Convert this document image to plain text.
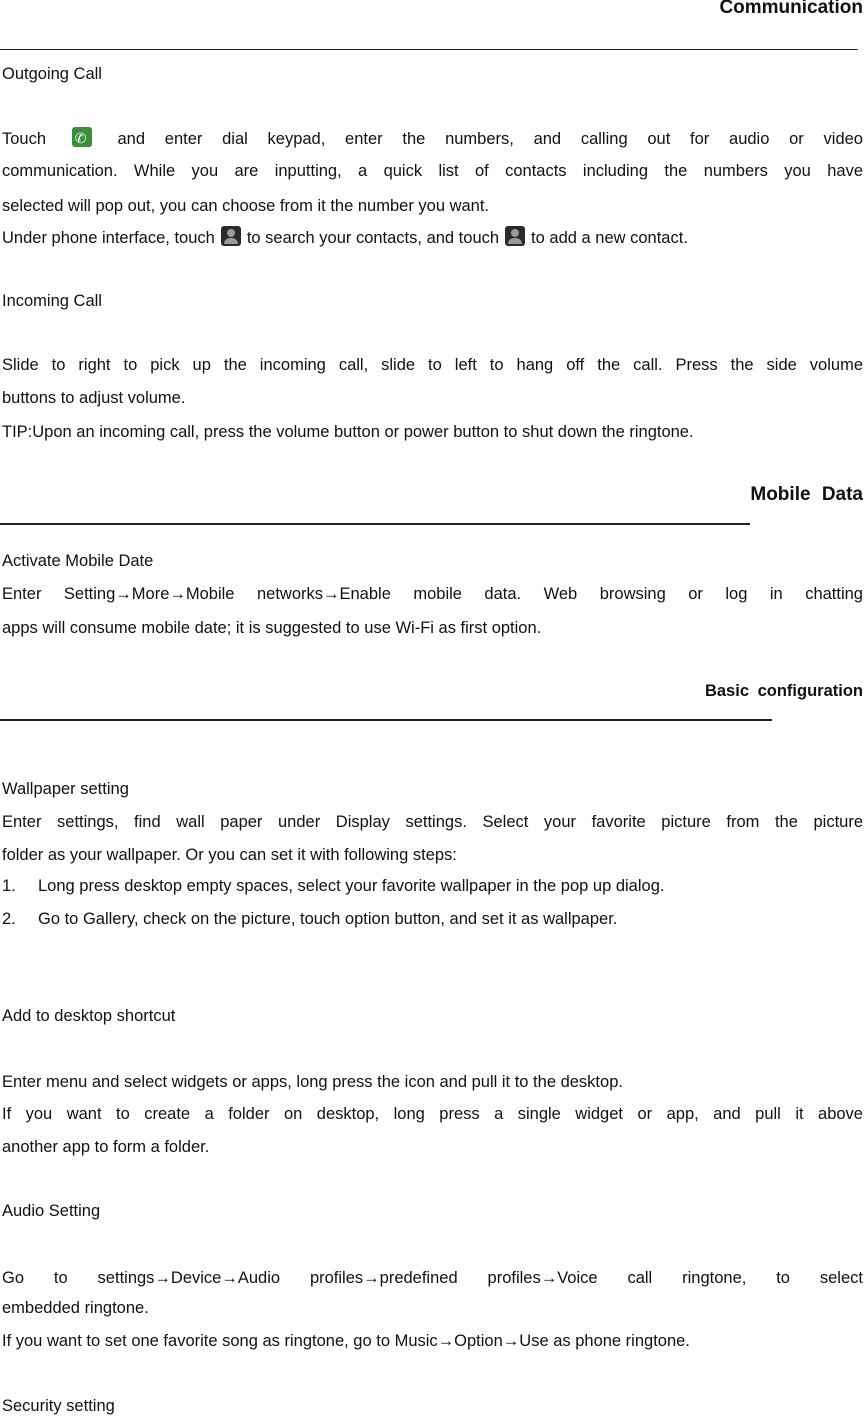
Communication
Outgoing Call
Touch ✆	and enter dial keypad, enter the numbers, and calling out for audio or video
communication. While you are inputting, a quick list of contacts including the numbers you have
selected will pop out, you can choose from it the number you want.
Under phone interface, touch to search your contacts, and touch to add a new contact.
Incoming Call
Slide to right to pick up the incoming call, slide to left to hang off the call. Press the side volume
buttons to adjust volume.
TIP:Upon an incoming call, press the volume button or power button to shut down the ringtone.
Mobile Data
Activate Mobile Date
Enter Setting→More→Mobile networks→Enable mobile data. Web browsing or log in chatting
apps will consume mobile date; it is suggested to use Wi-Fi as first option.
Basic configuration
Wallpaper setting
Enter settings, find wall paper under Display settings. Select your favorite picture from the picture
folder as your wallpaper. Or you can set it with following steps:
1. Long press desktop empty spaces, select your favorite wallpaper in the pop up dialog.
2. Go to Gallery, check on the picture, touch option button, and set it as wallpaper.
Add to desktop shortcut
Enter menu and select widgets or apps, long press the icon and pull it to the desktop.
If you want to create a folder on desktop, long press a single widget or app, and pull it above
another app to form a folder.
Audio Setting
Go to settings→Device→Audio profiles→predefined profiles→Voice call ringtone, to select
embedded ringtone.
If you want to set one favorite song as ringtone, go to Music→Option→Use as phone ringtone.
Security setting
